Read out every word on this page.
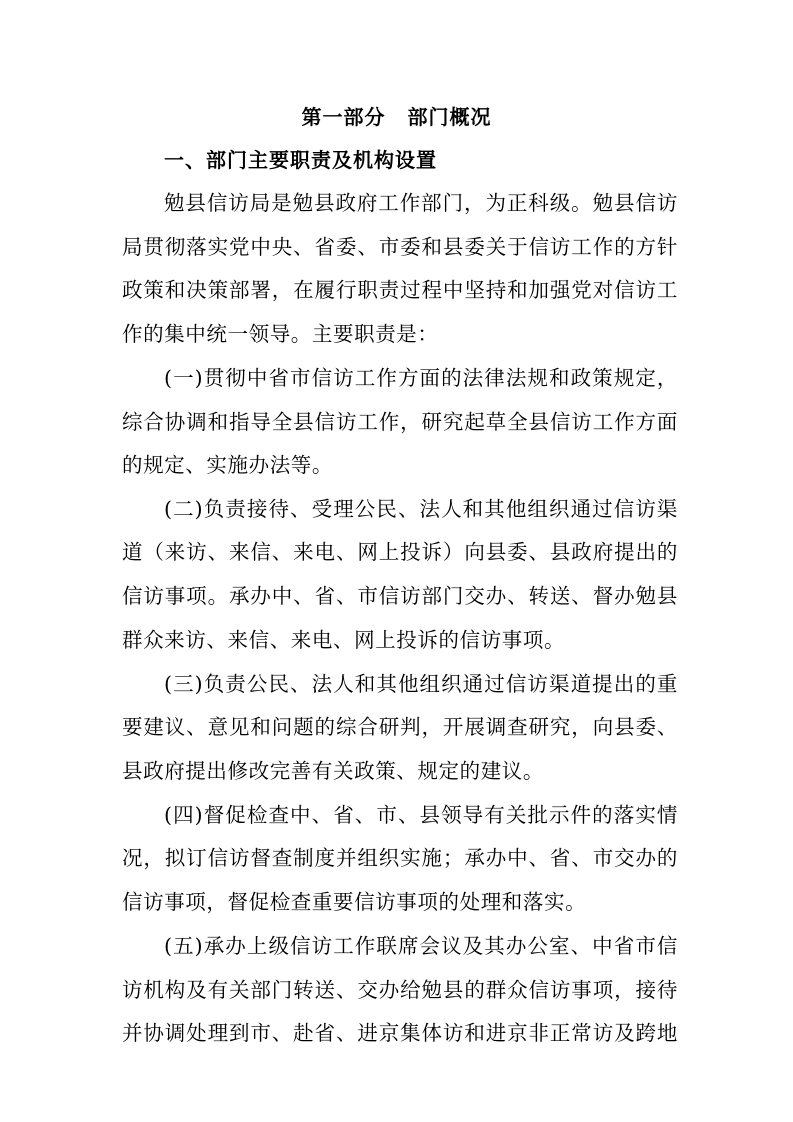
第一部分 部门概况
一、部门主要职责及机构设置
勉县信访局是勉县政府工作部门，为正科级。勉县信访
局贯彻落实党中央、省委、市委和县委关于信访工作的方针
政策和决策部署，在履行职责过程中坚持和加强党对信访工
作的集中统一领导。主要职责是：
(一)贯彻中省市信访工作方面的法律法规和政策规定，
综合协调和指导全县信访工作，研究起草全县信访工作方面
的规定、实施办法等。
(二)负责接待、受理公民、法人和其他组织通过信访渠
道（来访、来信、来电、网上投诉）向县委、县政府提出的
信访事项。承办中、省、市信访部门交办、转送、督办勉县
群众来访、来信、来电、网上投诉的信访事项。
(三)负责公民、法人和其他组织通过信访渠道提出的重
要建议、意见和问题的综合研判，开展调查研究，向县委、
县政府提出修改完善有关政策、规定的建议。
(四)督促检查中、省、市、县领导有关批示件的落实情
况，拟订信访督查制度并组织实施；承办中、省、市交办的
信访事项，督促检查重要信访事项的处理和落实。
(五)承办上级信访工作联席会议及其办公室、中省市信
访机构及有关部门转送、交办给勉县的群众信访事项，接待
并协调处理到市、赴省、进京集体访和进京非正常访及跨地
